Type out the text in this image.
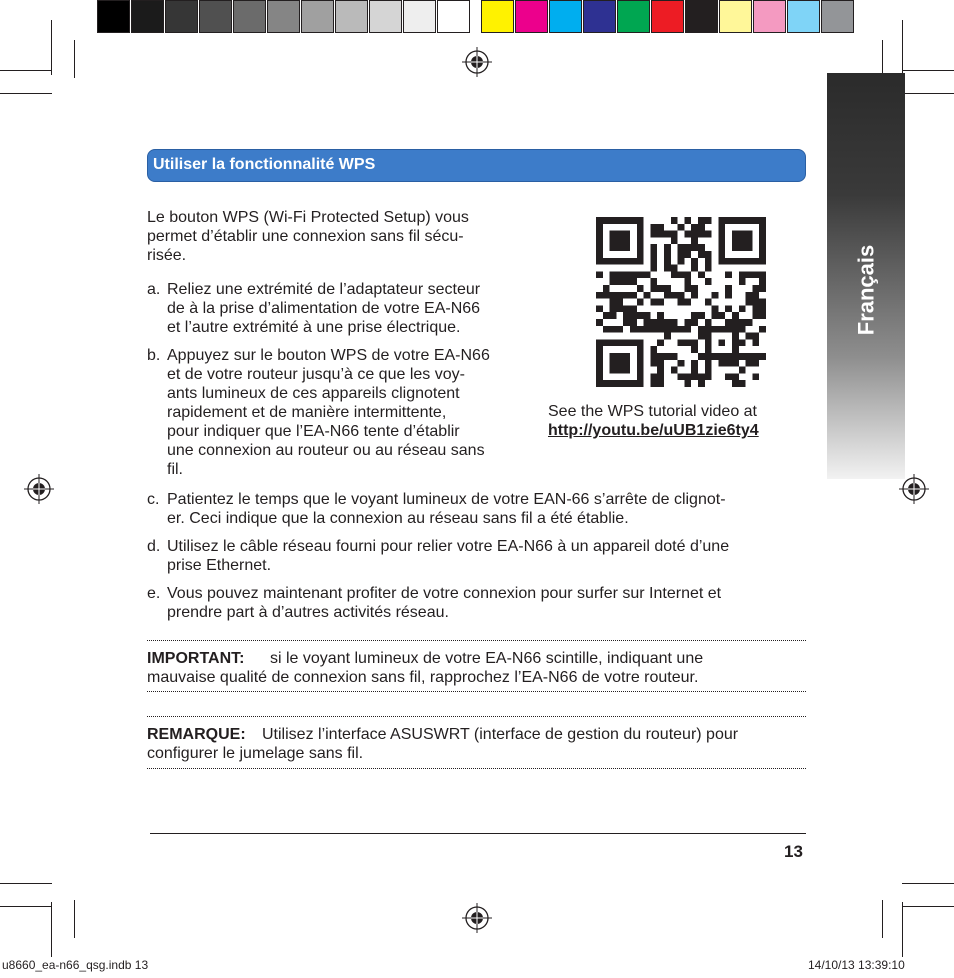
Français
Utiliser la fonctionnalité WPS
Le bouton WPS (Wi-Fi Protected Setup) vous
permet d’établir une connexion sans fil sécu-
risée.
a. Reliez une extrémité de l’adaptateur secteur
de à la prise d’alimentation de votre EA-N66
et l’autre extrémité à une prise électrique.
b. Appuyez sur le bouton WPS de votre EA-N66
et de votre routeur jusqu’à ce que les voy-
ants lumineux de ces appareils clignotent
rapidement et de manière intermittente,
pour indiquer que l’EA-N66 tente d’établir
une connexion au routeur ou au réseau sans
fil.
See the WPS tutorial video at
http://youtu.be/uUB1zie6ty4
c. Patientez le temps que le voyant lumineux de votre EAN-66 s’arrête de clignot-
er. Ceci indique que la connexion au réseau sans fil a été établie.
d. Utilisez le câble réseau fourni pour relier votre EA-N66 à un appareil doté d’une
prise Ethernet.
e. Vous pouvez maintenant profiter de votre connexion pour surfer sur Internet et
prendre part à d’autres activités réseau.
IMPORTANT: si le voyant lumineux de votre EA-N66 scintille, indiquant une
mauvaise qualité de connexion sans fil, rapprochez l’EA-N66 de votre routeur.
REMARQUE: Utilisez l’interface ASUSWRT (interface de gestion du routeur) pour
configurer le jumelage sans fil.
13
u8660_ea-n66_qsg.indb 13	14/10/13 13:39:10
